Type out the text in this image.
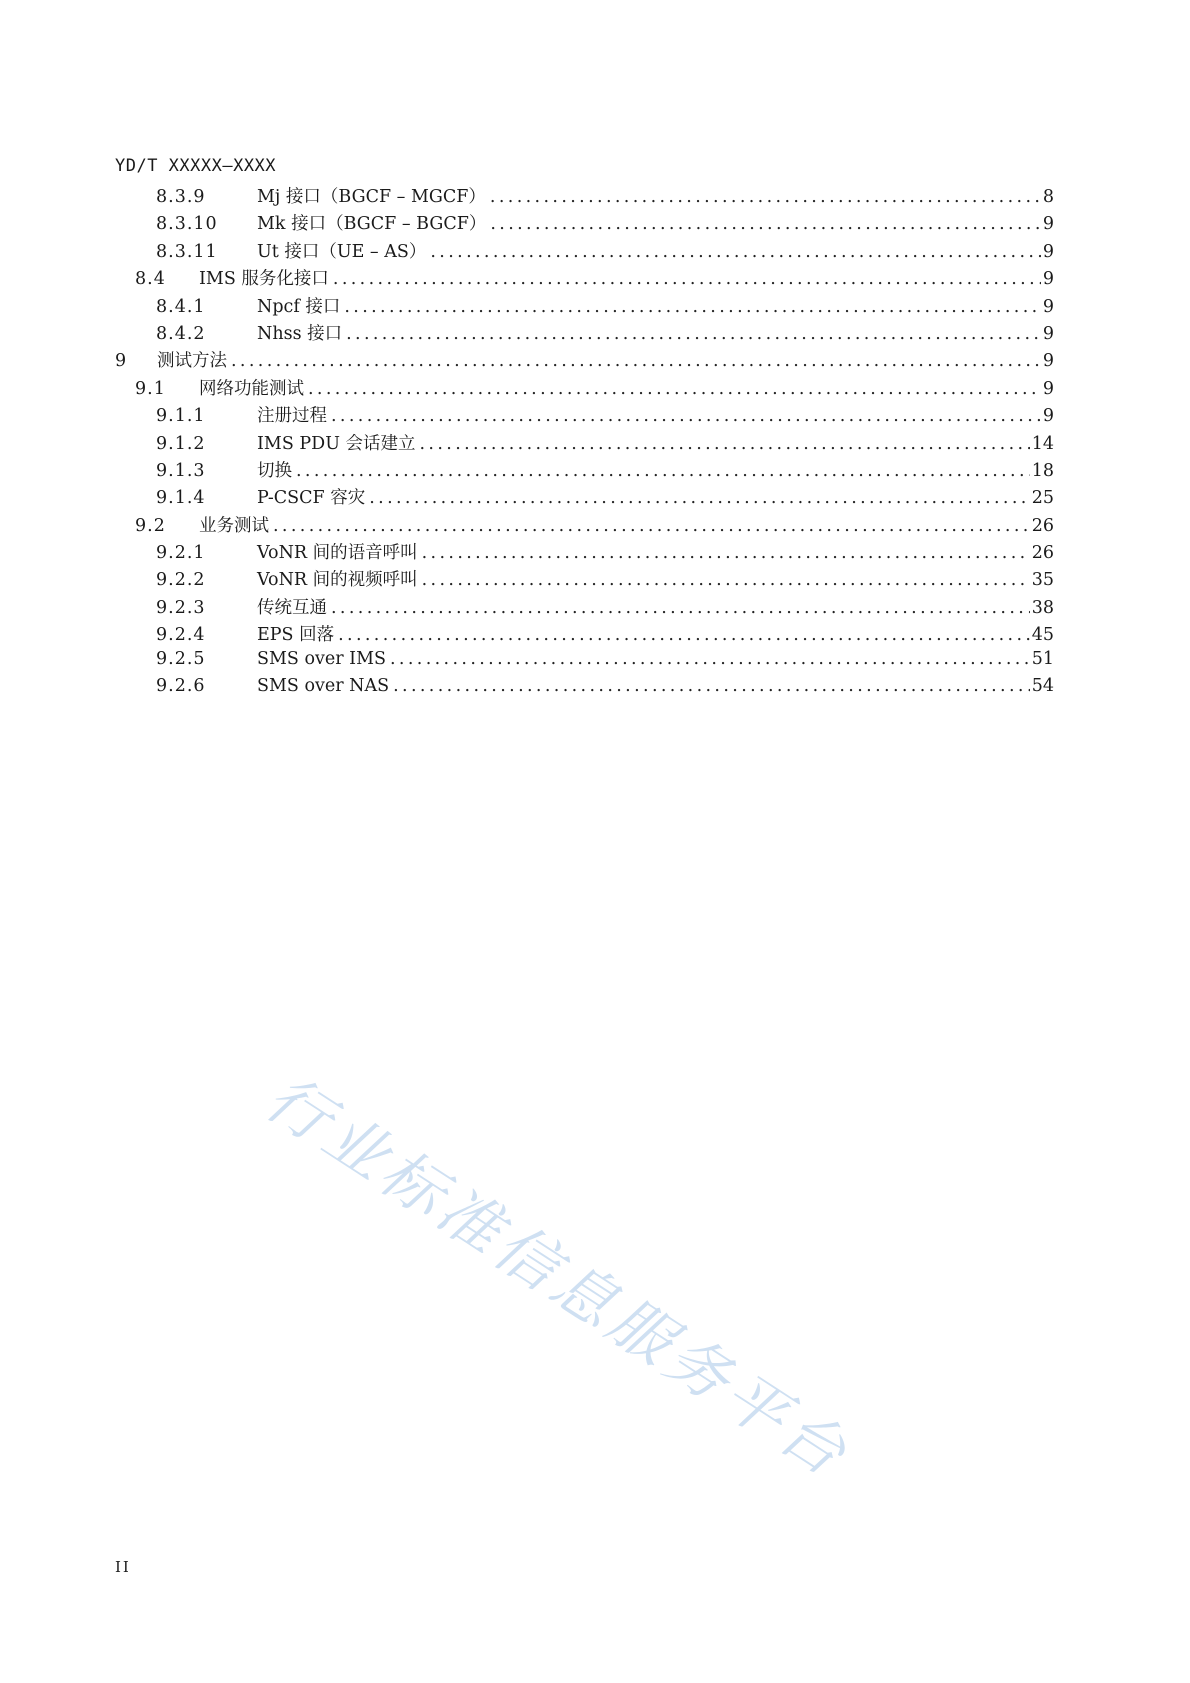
YD/T XXXXX—XXXX
8.3.9	Mj 接口（BGCF – MGCF） . . .	8
8.3.10	Mk 接口（BGCF – BGCF） . . .	9
8.3.11	Ut 接口（UE – AS） . . .	9
8.4	IMS 服务化接口 . . .	9
8.4.1	Npcf 接口 . . .	9
8.4.2	Nhss 接口 . . .	9
9	测试方法 . . .	9
9.1	网络功能测试 . . .	9
9.1.1	注册过程 . . .	9
9.1.2	IMS PDU 会话建立 . . .	14
9.1.3	切换 . . .	18
9.1.4	P-CSCF 容灾 . . .	25
9.2	业务测试 . . .	26
9.2.1	VoNR 间的语音呼叫 . . .	26
9.2.2	VoNR 间的视频呼叫 . . .	35
9.2.3	传统互通 . . .	38
9.2.4	EPS 回落 . . .	45
9.2.5	SMS over IMS . . .	51
9.2.6	SMS over NAS . . .	54
行业标准信息服务平台
II
